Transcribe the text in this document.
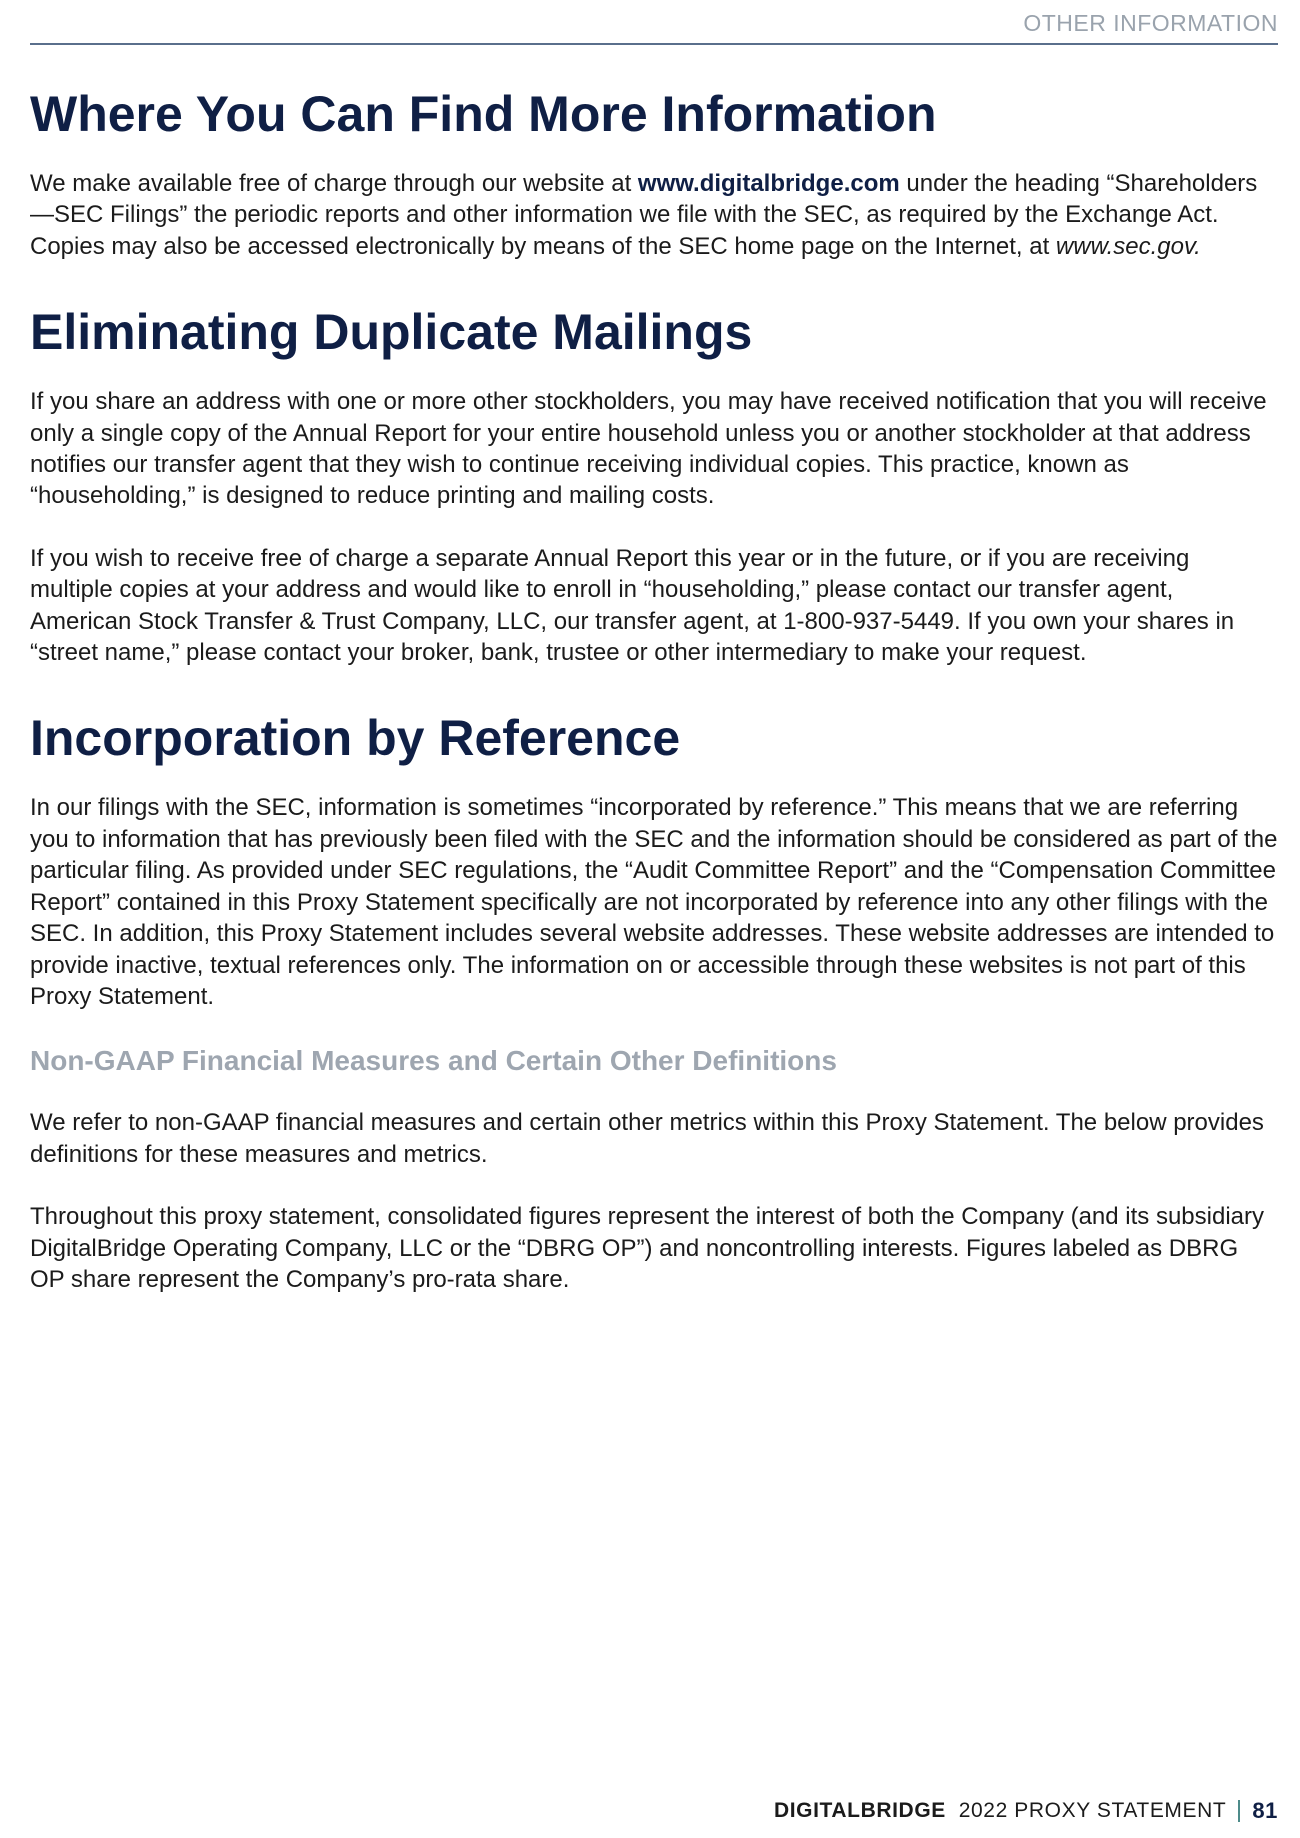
OTHER INFORMATION
Where You Can Find More Information

We make available free of charge through our website at www.digitalbridge.com under the heading “Shareholders—SEC Filings” the periodic reports and other information we file with the SEC, as required by the Exchange Act. Copies may also be accessed electronically by means of the SEC home page on the Internet, at www.sec.gov.

Eliminating Duplicate Mailings

If you share an address with one or more other stockholders, you may have received notification that you will receive only a single copy of the Annual Report for your entire household unless you or another stockholder at that address notifies our transfer agent that they wish to continue receiving individual copies. This practice, known as “householding,” is designed to reduce printing and mailing costs.

If you wish to receive free of charge a separate Annual Report this year or in the future, or if you are receiving multiple copies at your address and would like to enroll in “householding,” please contact our transfer agent, American Stock Transfer & Trust Company, LLC, our transfer agent, at 1-800-937-5449. If you own your shares in “street name,” please contact your broker, bank, trustee or other intermediary to make your request.

Incorporation by Reference

In our filings with the SEC, information is sometimes “incorporated by reference.” This means that we are referring you to information that has previously been filed with the SEC and the information should be considered as part of the particular filing. As provided under SEC regulations, the “Audit Committee Report” and the “Compensation Committee Report” contained in this Proxy Statement specifically are not incorporated by reference into any other filings with the SEC. In addition, this Proxy Statement includes several website addresses. These website addresses are intended to provide inactive, textual references only. The information on or accessible through these websites is not part of this Proxy Statement.

Non-GAAP Financial Measures and Certain Other Definitions

We refer to non-GAAP financial measures and certain other metrics within this Proxy Statement. The below provides definitions for these measures and metrics.

Throughout this proxy statement, consolidated figures represent the interest of both the Company (and its subsidiary DigitalBridge Operating Company, LLC or the “DBRG OP”) and noncontrolling interests. Figures labeled as DBRG OP share represent the Company’s pro-rata share.

DIGITALBRIDGE 2022 PROXY STATEMENT 81
